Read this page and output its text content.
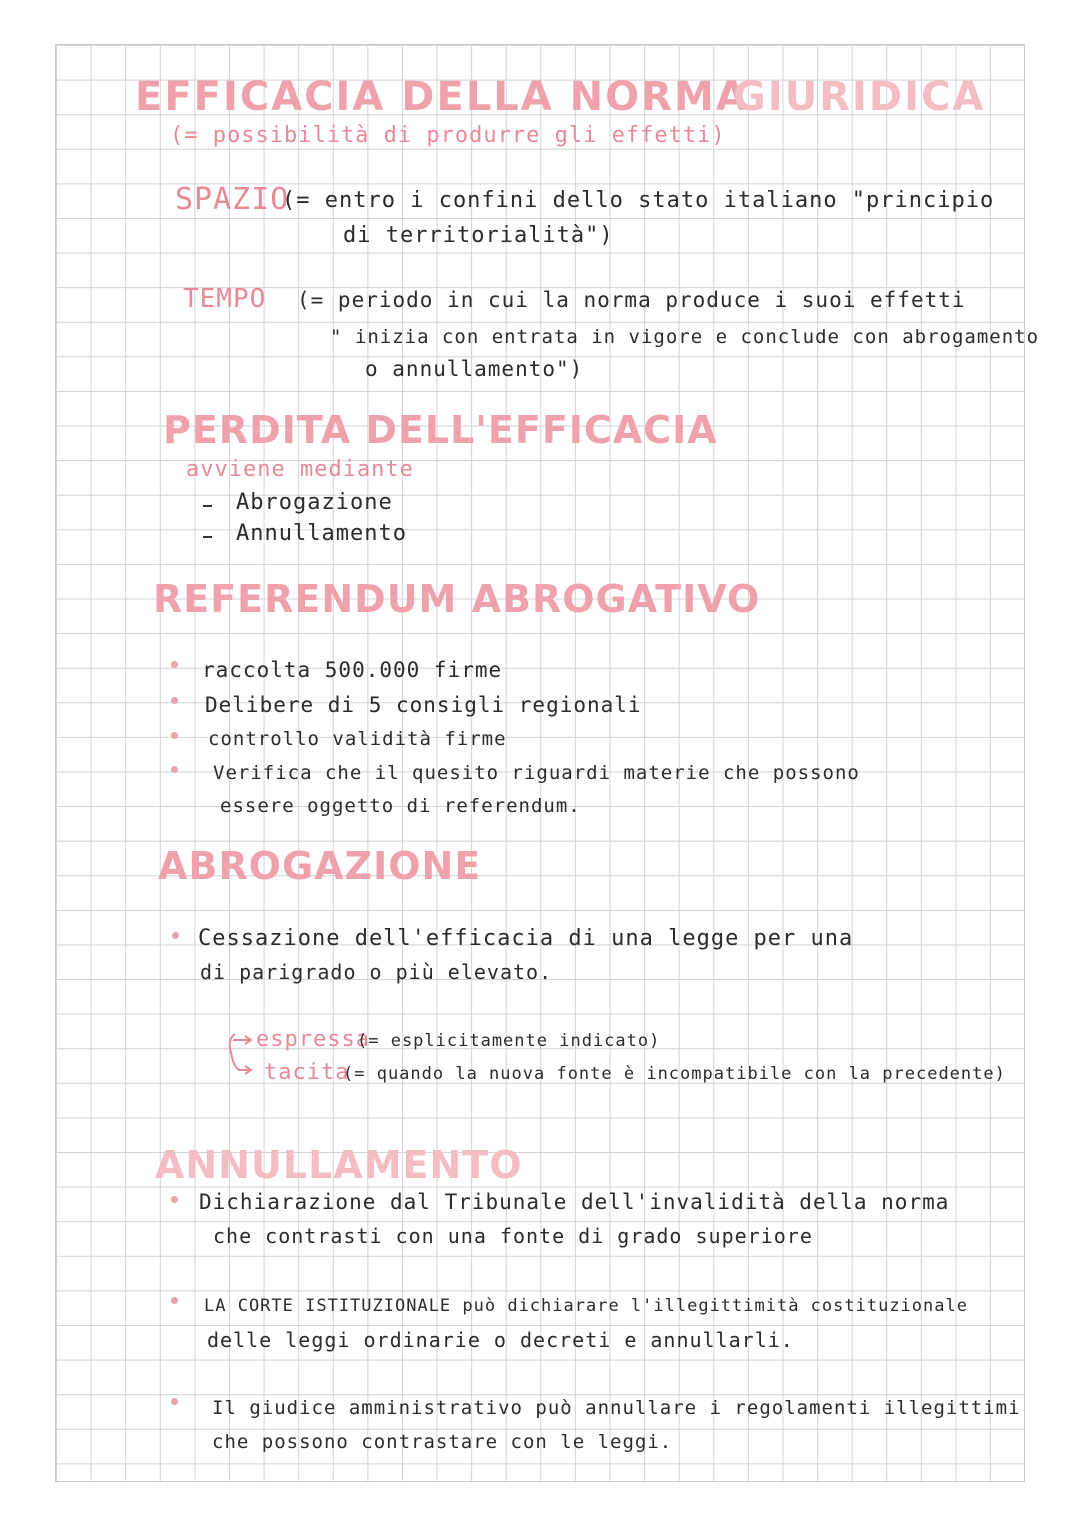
EFFICACIA DELLA NORMA
GIURIDICA
(= possibilità di produrre gli effetti)
SPAZIO
(= entro i confini dello stato italiano "principio
di territorialità")
TEMPO (= periodo in cui la norma produce i suoi effetti
" inizia con entrata in vigore e conclude con abrogamento
o annullamento")
PERDITA DELL'EFFICACIA
avviene mediante
Abrogazione
Annullamento
REFERENDUM ABROGATIVO
raccolta 500.000 firme
Delibere di 5 consigli regionali
controllo validità firme
Verifica che il quesito riguardi materie che possono
essere oggetto di referendum.
ABROGAZIONE
Cessazione dell'efficacia di una legge per una
di parigrado o più elevato.
espressa
(= esplicitamente indicato)
tacita
(= quando la nuova fonte è incompatibile con la precedente)
ANNULLAMENTO
Dichiarazione dal Tribunale dell'invalidità della norma
che contrasti con una fonte di grado superiore
LA CORTE ISTITUZIONALE può dichiarare l'illegittimità costituzionale
delle leggi ordinarie o decreti e annullarli.
Il giudice amministrativo può annullare i regolamenti illegittimi
che possono contrastare con le leggi.
